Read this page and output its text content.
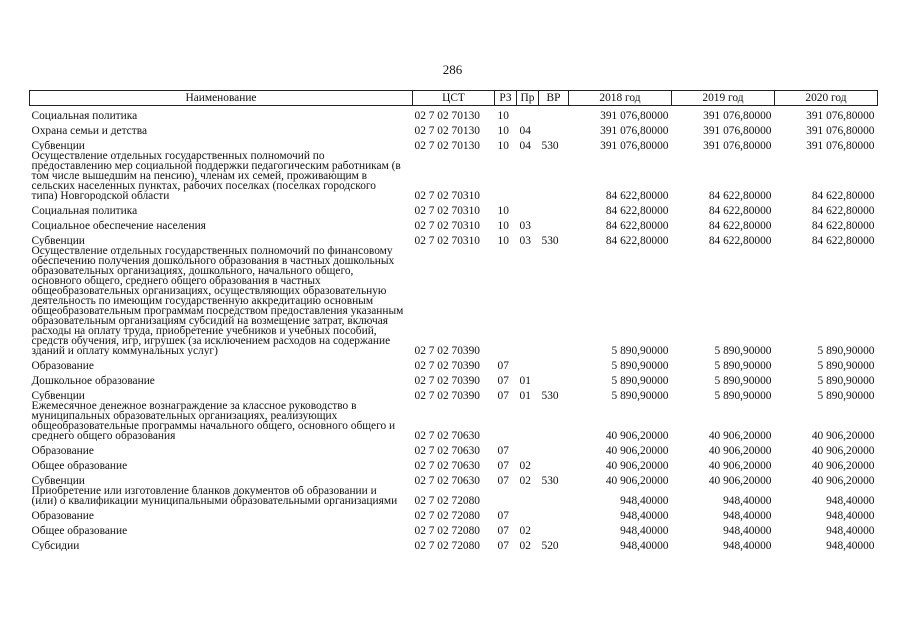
286
Наименование	ЦСТ	РЗ	Пр	ВР	2018 год	2019 год	2020 год
Социальная политика	02 7 02 70130	10			391 076,80000	391 076,80000	391 076,80000
Охрана семьи и детства	02 7 02 70130	10	04		391 076,80000	391 076,80000	391 076,80000
Субвенции	02 7 02 70130	10	04	530	391 076,80000	391 076,80000	391 076,80000
Осуществление отдельных государственных полномочий по предоставлению мер социальной поддержки педагогическим работникам (в том числе вышедшим на пенсию), членам их семей, проживающим в сельских населенных пунктах, рабочих поселках (поселках городского типа) Новгородской области	02 7 02 70310				84 622,80000	84 622,80000	84 622,80000
Социальная политика	02 7 02 70310	10			84 622,80000	84 622,80000	84 622,80000
Социальное обеспечение населения	02 7 02 70310	10	03		84 622,80000	84 622,80000	84 622,80000
Субвенции	02 7 02 70310	10	03	530	84 622,80000	84 622,80000	84 622,80000
Осуществление отдельных государственных полномочий по финансовому обеспечению получения дошкольного образования в частных дошкольных образовательных организациях, дошкольного, начального общего, основного общего, среднего общего образования в частных общеобразовательных организациях, осуществляющих образовательную деятельность по имеющим государственную аккредитацию основным общеобразовательным программам посредством предоставления указанным образовательным организациям субсидий на возмещение затрат, включая расходы на оплату труда, приобретение учебников и учебных пособий, средств обучения, игр, игрушек (за исключением расходов на содержание зданий и оплату коммунальных услуг)	02 7 02 70390				5 890,90000	5 890,90000	5 890,90000
Образование	02 7 02 70390	07			5 890,90000	5 890,90000	5 890,90000
Дошкольное образование	02 7 02 70390	07	01		5 890,90000	5 890,90000	5 890,90000
Субвенции	02 7 02 70390	07	01	530	5 890,90000	5 890,90000	5 890,90000
Ежемесячное денежное вознаграждение за классное руководство в муниципальных образовательных организациях, реализующих общеобразовательные программы начального общего, основного общего и среднего общего образования	02 7 02 70630				40 906,20000	40 906,20000	40 906,20000
Образование	02 7 02 70630	07			40 906,20000	40 906,20000	40 906,20000
Общее образование	02 7 02 70630	07	02		40 906,20000	40 906,20000	40 906,20000
Субвенции	02 7 02 70630	07	02	530	40 906,20000	40 906,20000	40 906,20000
Приобретение или изготовление бланков документов об образовании и (или) о квалификации муниципальными образовательными организациями	02 7 02 72080				948,40000	948,40000	948,40000
Образование	02 7 02 72080	07			948,40000	948,40000	948,40000
Общее образование	02 7 02 72080	07	02		948,40000	948,40000	948,40000
Субсидии	02 7 02 72080	07	02	520	948,40000	948,40000	948,40000
